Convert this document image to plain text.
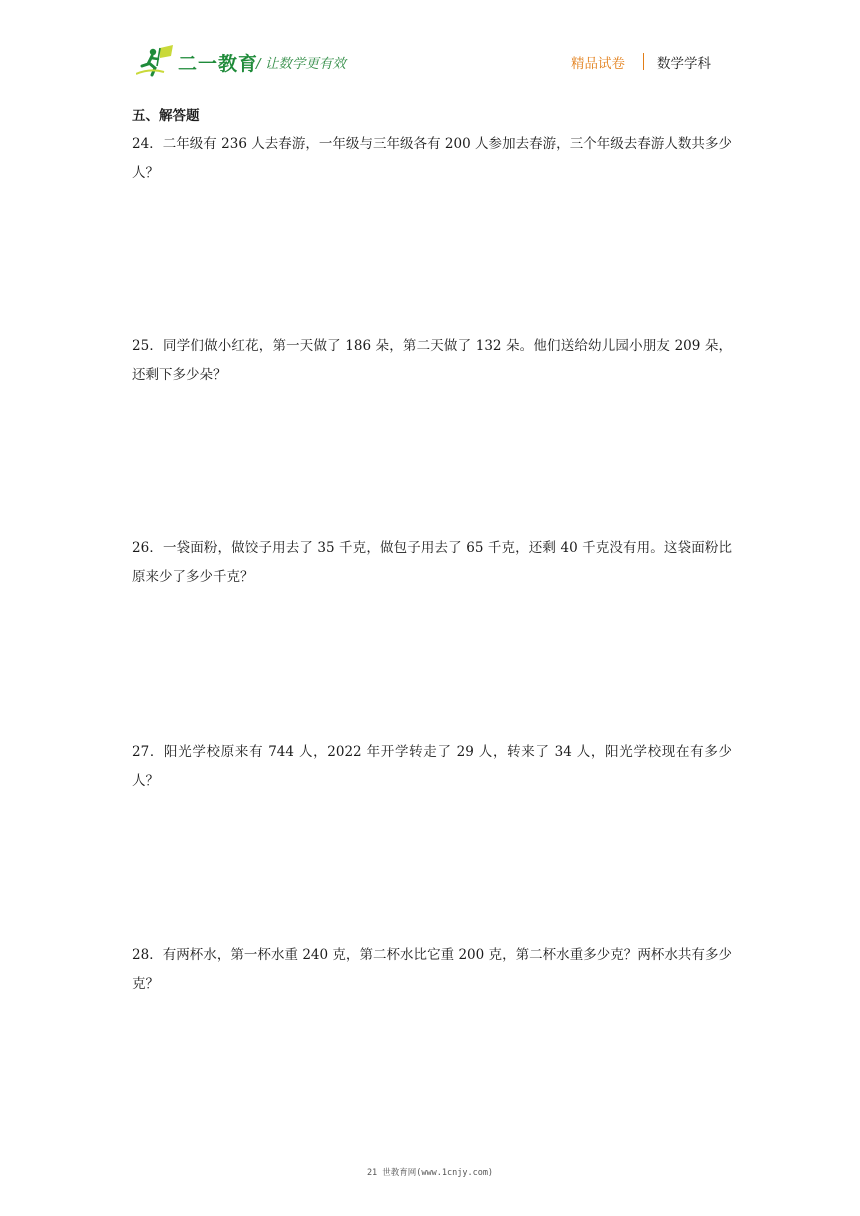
二一教育
/ 让数学更有效	精品试卷 数学学科
五、解答题
24．二年级有 236 人去春游，一年级与三年级各有 200 人参加去春游，三个年级去春游人数共多少人？
25．同学们做小红花，第一天做了 186 朵，第二天做了 132 朵。他们送给幼儿园小朋友 209 朵，还剩下多少朵？
26．一袋面粉，做饺子用去了 35 千克，做包子用去了 65 千克，还剩 40 千克没有用。这袋面粉比原来少了多少千克？
27．阳光学校原来有 744 人，2022 年开学转走了 29 人，转来了 34 人，阳光学校现在有多少人？
28．有两杯水，第一杯水重 240 克，第二杯水比它重 200 克，第二杯水重多少克？两杯水共有多少克？
21 世教育网(www.1cnjy.com)
